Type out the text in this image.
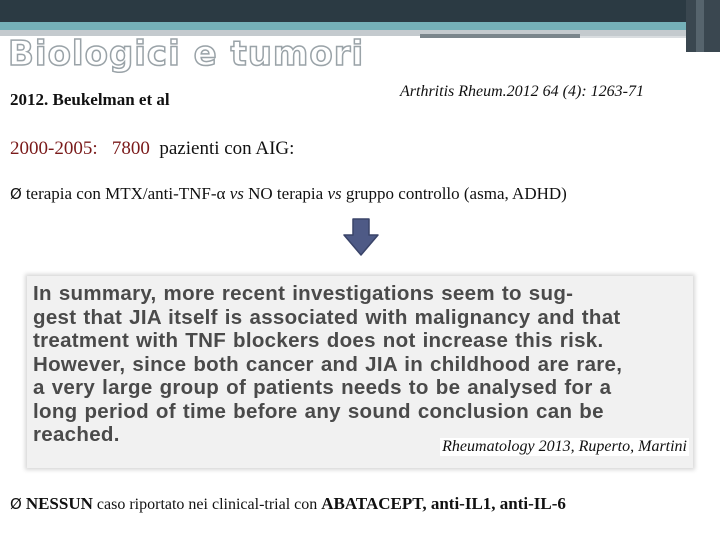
Biologici e tumori
2012. Beukelman et al	Arthritis Rheum.2012 64 (4): 1263-71
2000-2005: 7800 pazienti con AIG:
Ø terapia con MTX/anti-TNF-α vs NO terapia vs gruppo controllo (asma, ADHD)

In summary, more recent investigations seem to sug-
gest that JIA itself is associated with malignancy and that
treatment with TNF blockers does not increase this risk.
However, since both cancer and JIA in childhood are rare,
a very large group of patients needs to be analysed for a
long period of time before any sound conclusion can be
reached.

Rheumatology 2013, Ruperto, Martini
Ø NESSUN caso riportato nei clinical-trial con ABATACEPT, anti-IL1, anti-IL-6
